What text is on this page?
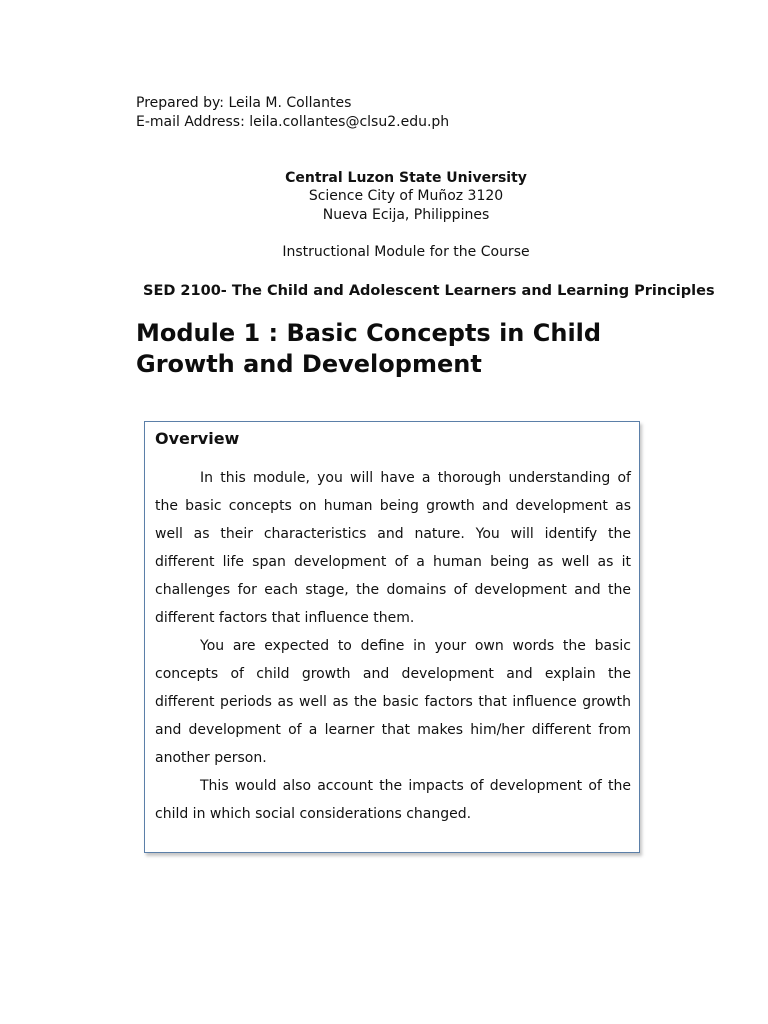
Prepared by: Leila M. Collantes
E-mail Address: leila.collantes@clsu2.edu.ph
Central Luzon State University
Science City of Muñoz 3120
Nueva Ecija, Philippines
Instructional Module for the Course
SED 2100- The Child and Adolescent Learners and Learning Principles
Module 1 : Basic Concepts in Child Growth and Development
Overview

In this module, you will have a thorough understanding of the basic concepts on human being growth and development as well as their characteristics and nature. You will identify the different life span development of a human being as well as it challenges for each stage, the domains of development and the different factors that influence them.

You are expected to define in your own words the basic concepts of child growth and development and explain the different periods as well as the basic factors that influence growth and development of a learner that makes him/her different from another person.

This would also account the impacts of development of the child in which social considerations changed.
